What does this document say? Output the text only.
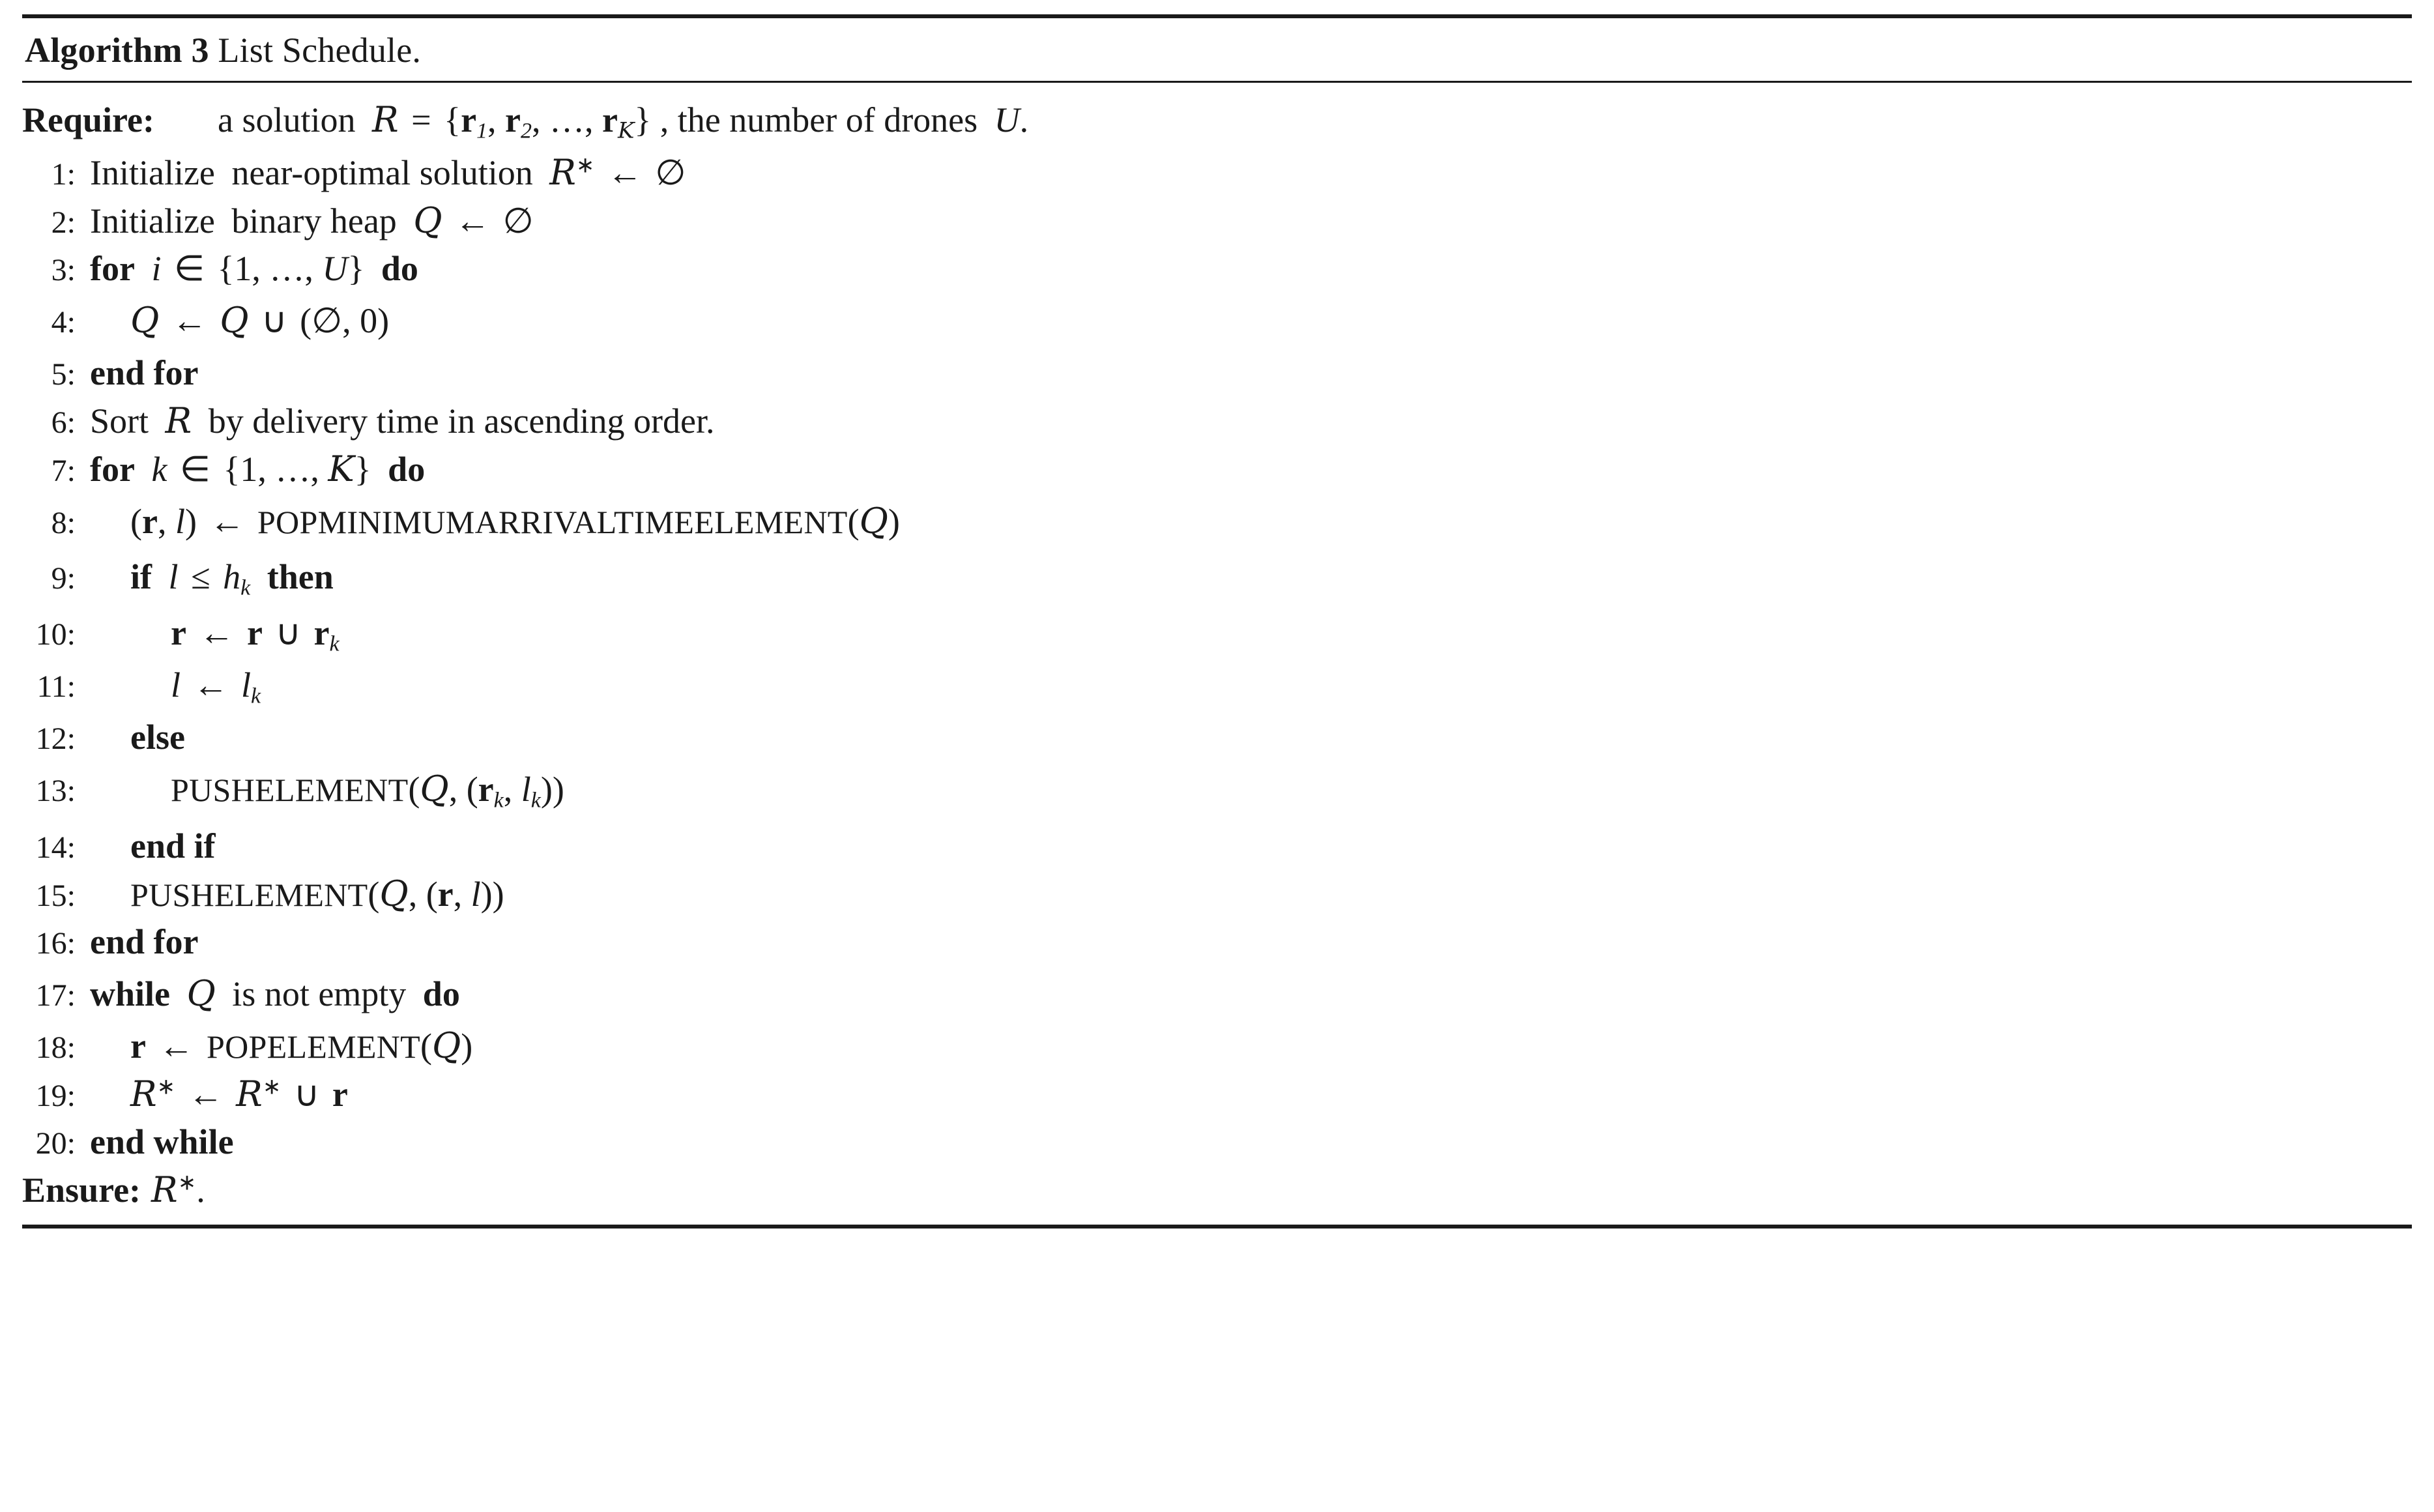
Algorithm 3 List Schedule.
Require:	a solution $R = \{r_1$, $r_2$, …, $r_K$} , the number of drones U.
1: Initialize near-optimal solution R∗ ← ∅
2: Initialize binary heap Q ← ∅
3: for i ∈ {1, …, U} do
4:	Q ← Q ∪ (∅, 0)
5: end for
6: Sort R by delivery time in ascending order.
7: for k ∈ {1, …, K} do
8:	(r, l) ← POPMINIMUMARRIVALTIMEELEMENT(Q)
9:	if $l \le h_k$ then
10:	r ← r ∪ $r_k$
11:	l ← $l_k$
12:	else
13:	PUSHELEMENT(Q, ($r_k$, $l_k$))
14:	end if
15:	PUSHELEMENT(Q, (r, l))
16: end for
17: while Q is not empty do
18:	r ← POPELEMENT(Q)
19:	R∗ ← R∗ ∪ r
20: end while
Ensure: R∗.
